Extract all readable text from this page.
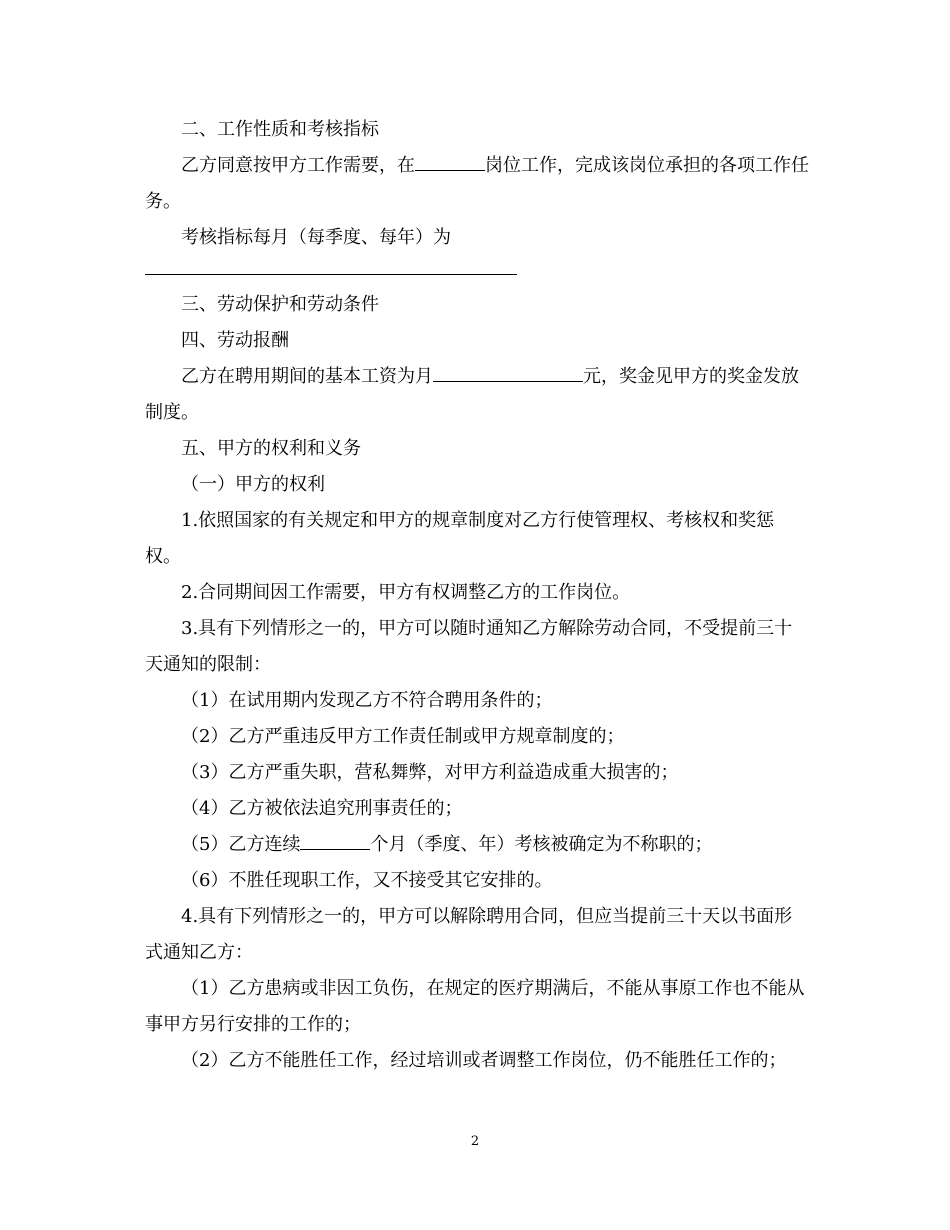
二、工作性质和考核指标

乙方同意按甲方工作需要，在	岗位工作，完成该岗位承担的各项工作任务。

考核指标每月（每季度、每年）为

三、劳动保护和劳动条件

四、劳动报酬

乙方在聘用期间的基本工资为月	元，奖金见甲方的奖金发放制度。

五、甲方的权利和义务

（一）甲方的权利

1.依照国家的有关规定和甲方的规章制度对乙方行使管理权、考核权和奖惩权。

2.合同期间因工作需要，甲方有权调整乙方的工作岗位。

3.具有下列情形之一的，甲方可以随时通知乙方解除劳动合同，不受提前三十天通知的限制：

（1）在试用期内发现乙方不符合聘用条件的；

（2）乙方严重违反甲方工作责任制或甲方规章制度的；

（3）乙方严重失职，营私舞弊，对甲方利益造成重大损害的；

（4）乙方被依法追究刑事责任的；

（5）乙方连续	个月（季度、年）考核被确定为不称职的；

（6）不胜任现职工作，又不接受其它安排的。

4.具有下列情形之一的，甲方可以解除聘用合同，但应当提前三十天以书面形式通知乙方：

（1）乙方患病或非因工负伤，在规定的医疗期满后，不能从事原工作也不能从事甲方另行安排的工作的；

（2）乙方不能胜任工作，经过培训或者调整工作岗位，仍不能胜任工作的；

2
